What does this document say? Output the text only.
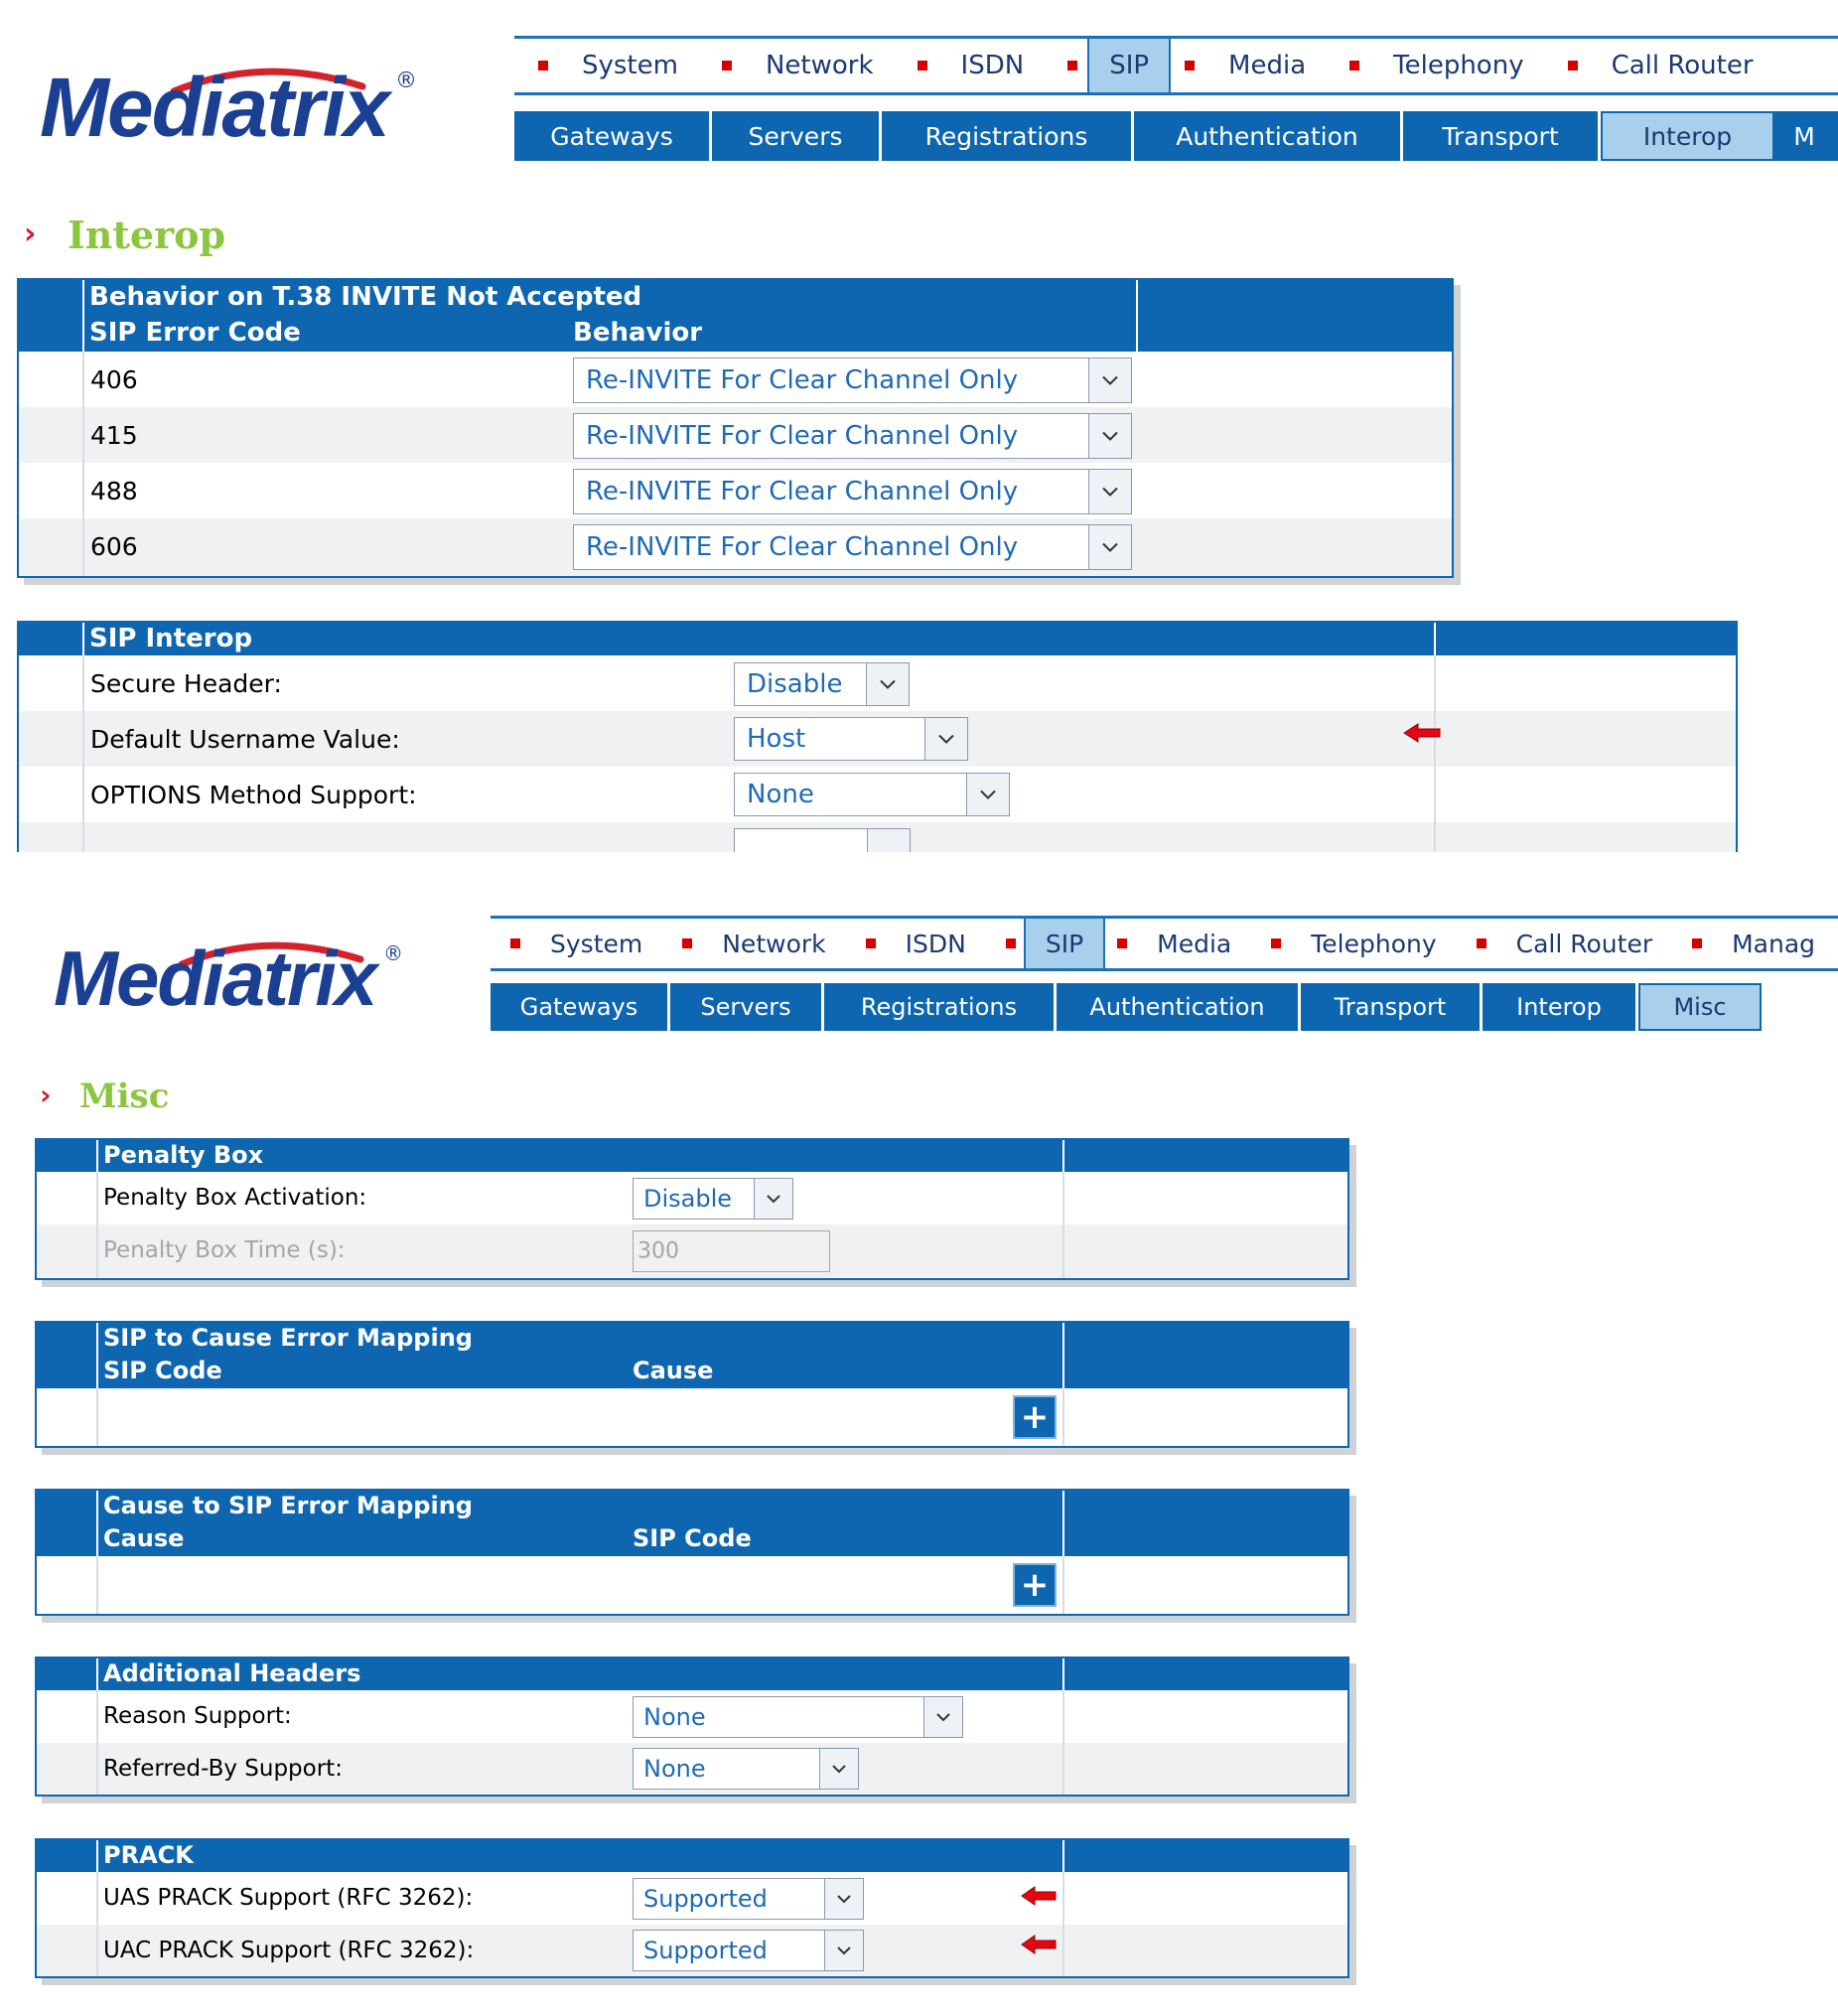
Mediatrix ®
System	Network	ISDN	SIP	Media	Telephony	Call Router
Gateways	Servers	Registrations	Authentication	Transport	Interop	M
› Interop
Behavior on T.38 INVITE Not Accepted
SIP Error Code	Behavior
406	Re-INVITE For Clear Channel Only
415	Re-INVITE For Clear Channel Only
488	Re-INVITE For Clear Channel Only
606	Re-INVITE For Clear Channel Only
SIP Interop
Secure Header:	Disable
Default Username Value:	Host
OPTIONS Method Support:	None
Mediatrix ®	System	Network	ISDN	SIP	Media	Telephony	Call Router	Manag
Gateways	Servers	Registrations	Authentication	Transport	Interop	Misc
› Misc
Penalty Box
Penalty Box Activation:	Disable
Penalty Box Time (s):	300
SIP to Cause Error Mapping
SIP Code	Cause
+
Cause to SIP Error Mapping
Cause	SIP Code
+
Additional Headers
Reason Support:	None
Referred-By Support:	None
PRACK
UAS PRACK Support (RFC 3262):	Supported
UAC PRACK Support (RFC 3262):	Supported
